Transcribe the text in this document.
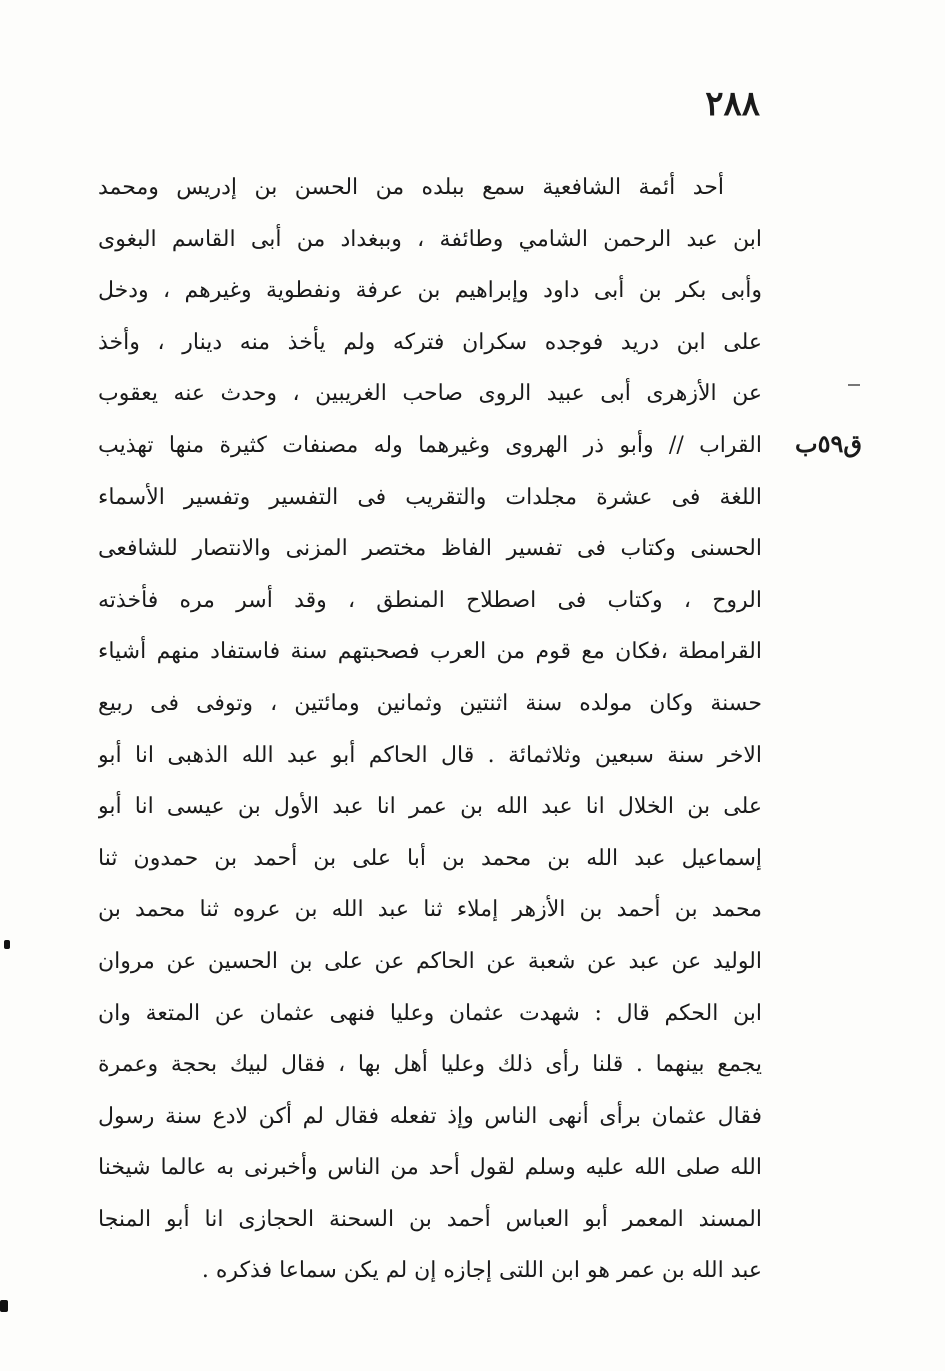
٢٨٨
ق٥٩ب
أحد أئمة الشافعية سمع ببلده من الحسن بن إدريس ومحمد
ابن عبد الرحمن الشامي وطائفة ، وببغداد من أبى القاسم البغوى
وأبى بكر بن أبى داود وإبراهيم بن عرفة ونفطوية وغيرهم ، ودخل
على ابن دريد فوجده سكران فتركه ولم يأخذ منه دينار ، وأخذ
عن الأزهرى أبى عبيد الروى صاحب الغريبين ، وحدث عنه يعقوب
القراب // وأبو ذر الهروى وغيرهما وله مصنفات كثيرة منها تهذيب
اللغة فى عشرة مجلدات والتقريب فى التفسير وتفسير الأسماء
الحسنى وكتاب فى تفسير الفاظ مختصر المزنى والانتصار للشافعى
الروح ، وكتاب فى اصطلاح المنطق ، وقد أسر مره فأخذته
القرامطة ،فكان مع قوم من العرب فصحبتهم سنة فاستفاد منهم أشياء
حسنة وكان مولده سنة اثنتين وثمانين ومائتين ، وتوفى فى ربيع
الاخر سنة سبعين وثلاثمائة . قال الحاكم أبو عبد الله الذهبى انا أبو
على بن الخلال انا عبد الله بن عمر انا عبد الأول بن عيسى انا أبو
إسماعيل عبد الله بن محمد بن أبا على بن أحمد بن حمدون ثنا
محمد بن أحمد بن الأزهر إملاء ثنا عبد الله بن عروه ثنا محمد بن
الوليد عن عبد عن شعبة عن الحاكم عن على بن الحسين عن مروان
ابن الحكم قال : شهدت عثمان وعليا فنهى عثمان عن المتعة وان
يجمع بينهما . قلنا رأى ذلك وعليا أهل بها ، فقال لبيك بحجة وعمرة
فقال عثمان برأى أنهى الناس وإذ تفعله فقال لم أكن لادع سنة رسول
الله صلى الله عليه وسلم لقول أحد من الناس وأخبرنى به عالما شيخنا
المسند المعمر أبو العباس أحمد بن السحنة الحجازى انا أبو المنجا
عبد الله بن عمر هو ابن اللتى إجازه إن لم يكن سماعا فذكره .
